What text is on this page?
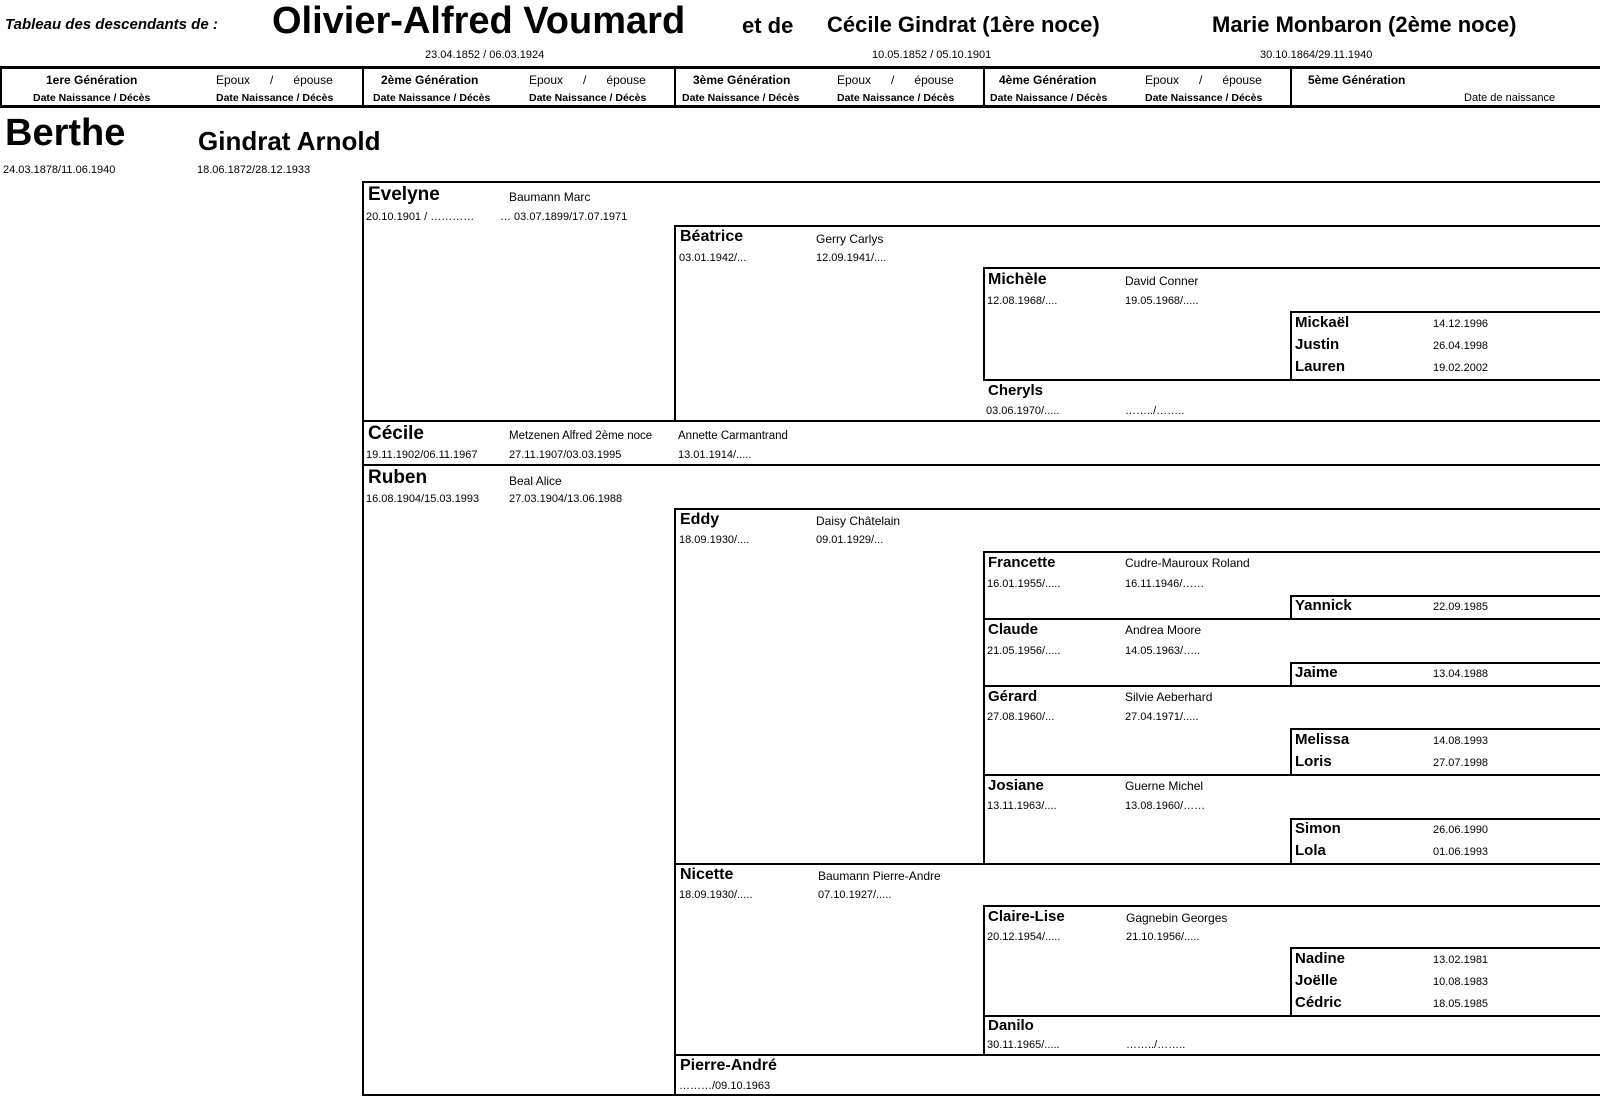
Tableau des descendants de : Olivier-Alfred Voumard
23.04.1852 / 06.03.1924
et de Cécile Gindrat (1ère noce)
10.05.1852 / 05.10.1901
Marie Monbaron (2ème noce)
30.10.1864/29.11.1940
1ere Génération
Date Naissance / Décès
Epoux / épouse
Date Naissance / Décès
2ème Génération
Date Naissance / Décès
Epoux / épouse
Date Naissance / Décès
3ème Génération
Date Naissance / Décès
Epoux / épouse
Date Naissance / Décès
4ème Génération
Date Naissance / Décès
Epoux / épouse
Date Naissance / Décès
5ème Génération
Date de naissance
Berthe
24.03.1878/11.06.1940
Gindrat Arnold
18.06.1872/28.12.1933
Evelyne
20.10.1901 / …………
Baumann Marc
… 03.07.1899/17.07.1971
Béatrice
03.01.1942/...
Gerry Carlys
12.09.1941/....
Michèle
12.08.1968/....
David Conner
19.05.1968/.....
Mickaël	14.12.1996
Justin	26.04.1998
Lauren	19.02.2002
Cheryls
03.06.1970/.....	……../……..
Cécile
19.11.1902/06.11.1967
Metzenen Alfred 2ème noce
27.11.1907/03.03.1995
Annette Carmantrand
13.01.1914/.....
Ruben
16.08.1904/15.03.1993
Beal Alice
27.03.1904/13.06.1988
Eddy
18.09.1930/....
Daisy Châtelain
09.01.1929/...
Francette
16.01.1955/.....
Cudre-Mauroux Roland
16.11.1946/……
Yannick	22.09.1985
Claude
21.05.1956/.....
Andrea Moore
14.05.1963/…..
Jaime	13.04.1988
Gérard
27.08.1960/...
Silvie Aeberhard
27.04.1971/.....
Melissa	14.08.1993
Loris	27.07.1998
Josiane
13.11.1963/....
Guerne Michel
13.08.1960/……
Simon	26.06.1990
Lola	01.06.1993
Nicette
18.09.1930/.....
Baumann Pierre-Andre
07.10.1927/.....
Claire-Lise
20.12.1954/.....
Gagnebin Georges
21.10.1956/.....
Nadine	13.02.1981
Joëlle	10.08.1983
Cédric	18.05.1985
Danilo
30.11.1965/.....	……../……..
Pierre-André
………/09.10.1963
